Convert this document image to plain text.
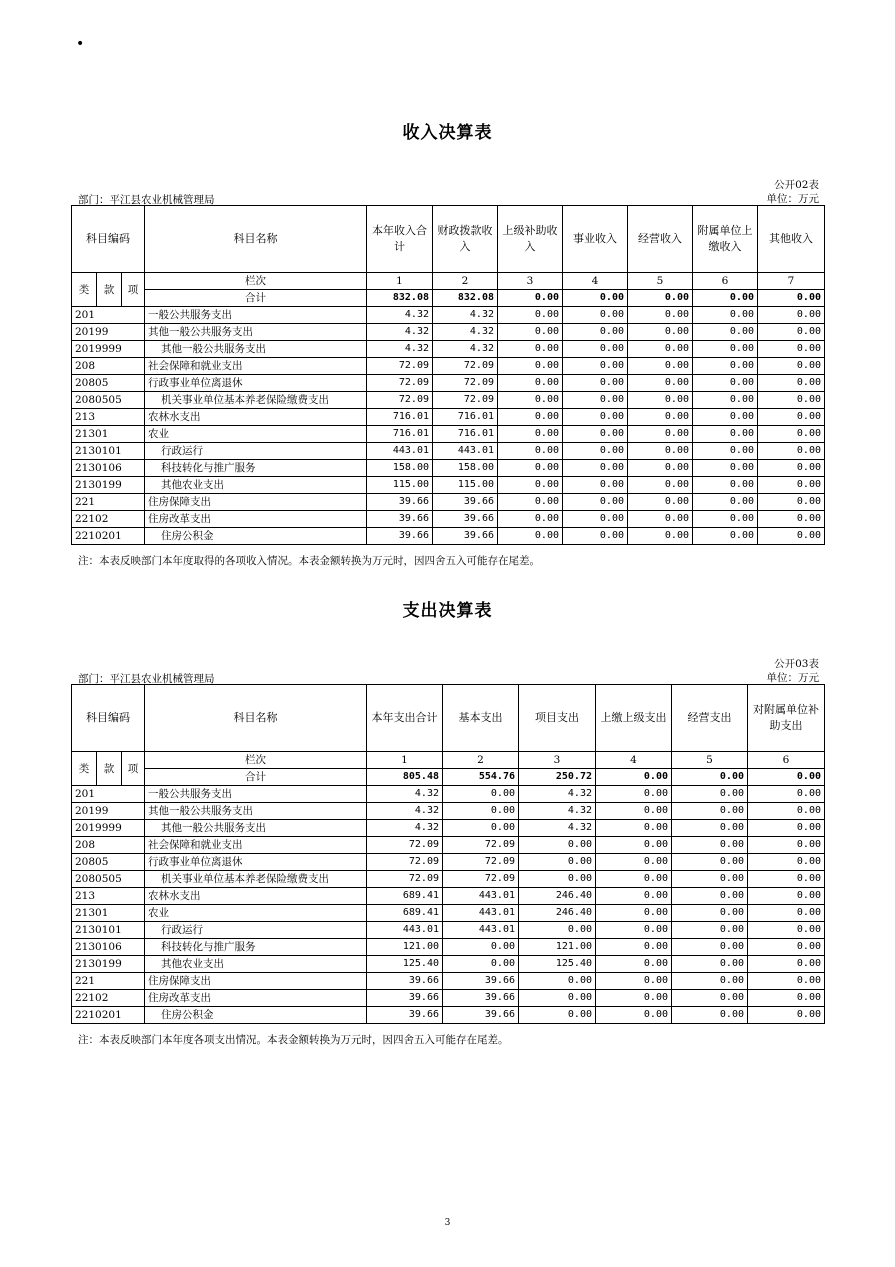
•
收入决算表
公开02表
单位：万元
部门：平江县农业机械管理局
科目编码			科目名称	本年收入合计	财政拨款收入	上级补助收入	事业收入	经营收入	附属单位上缴收入	其他收入
类	款	项	栏次	1	2	3	4	5	6	7
			合计	832.08	832.08	0.00	0.00	0.00	0.00	0.00
201			一般公共服务支出	4.32	4.32	0.00	0.00	0.00	0.00	0.00
20199			其他一般公共服务支出	4.32	4.32	0.00	0.00	0.00	0.00	0.00
2019999			其他一般公共服务支出	4.32	4.32	0.00	0.00	0.00	0.00	0.00
208			社会保障和就业支出	72.09	72.09	0.00	0.00	0.00	0.00	0.00
20805			行政事业单位离退休	72.09	72.09	0.00	0.00	0.00	0.00	0.00
2080505			机关事业单位基本养老保险缴费支出	72.09	72.09	0.00	0.00	0.00	0.00	0.00
213			农林水支出	716.01	716.01	0.00	0.00	0.00	0.00	0.00
21301			农业	716.01	716.01	0.00	0.00	0.00	0.00	0.00
2130101			行政运行	443.01	443.01	0.00	0.00	0.00	0.00	0.00
2130106			科技转化与推广服务	158.00	158.00	0.00	0.00	0.00	0.00	0.00
2130199			其他农业支出	115.00	115.00	0.00	0.00	0.00	0.00	0.00
221			住房保障支出	39.66	39.66	0.00	0.00	0.00	0.00	0.00
22102			住房改革支出	39.66	39.66	0.00	0.00	0.00	0.00	0.00
2210201			住房公积金	39.66	39.66	0.00	0.00	0.00	0.00	0.00
注：本表反映部门本年度取得的各项收入情况。本表金额转换为万元时，因四舍五入可能存在尾差。
支出决算表
公开03表
单位：万元
部门：平江县农业机械管理局
科目编码			科目名称	本年支出合计	基本支出	项目支出	上缴上级支出	经营支出	对附属单位补助支出
类	款	项	栏次	1	2	3	4	5	6
			合计	805.48	554.76	250.72	0.00	0.00	0.00
201			一般公共服务支出	4.32	0.00	4.32	0.00	0.00	0.00
20199			其他一般公共服务支出	4.32	0.00	4.32	0.00	0.00	0.00
2019999			其他一般公共服务支出	4.32	0.00	4.32	0.00	0.00	0.00
208			社会保障和就业支出	72.09	72.09	0.00	0.00	0.00	0.00
20805			行政事业单位离退休	72.09	72.09	0.00	0.00	0.00	0.00
2080505			机关事业单位基本养老保险缴费支出	72.09	72.09	0.00	0.00	0.00	0.00
213			农林水支出	689.41	443.01	246.40	0.00	0.00	0.00
21301			农业	689.41	443.01	246.40	0.00	0.00	0.00
2130101			行政运行	443.01	443.01	0.00	0.00	0.00	0.00
2130106			科技转化与推广服务	121.00	0.00	121.00	0.00	0.00	0.00
2130199			其他农业支出	125.40	0.00	125.40	0.00	0.00	0.00
221			住房保障支出	39.66	39.66	0.00	0.00	0.00	0.00
22102			住房改革支出	39.66	39.66	0.00	0.00	0.00	0.00
2210201			住房公积金	39.66	39.66	0.00	0.00	0.00	0.00
注：本表反映部门本年度各项支出情况。本表金额转换为万元时，因四舍五入可能存在尾差。
3
